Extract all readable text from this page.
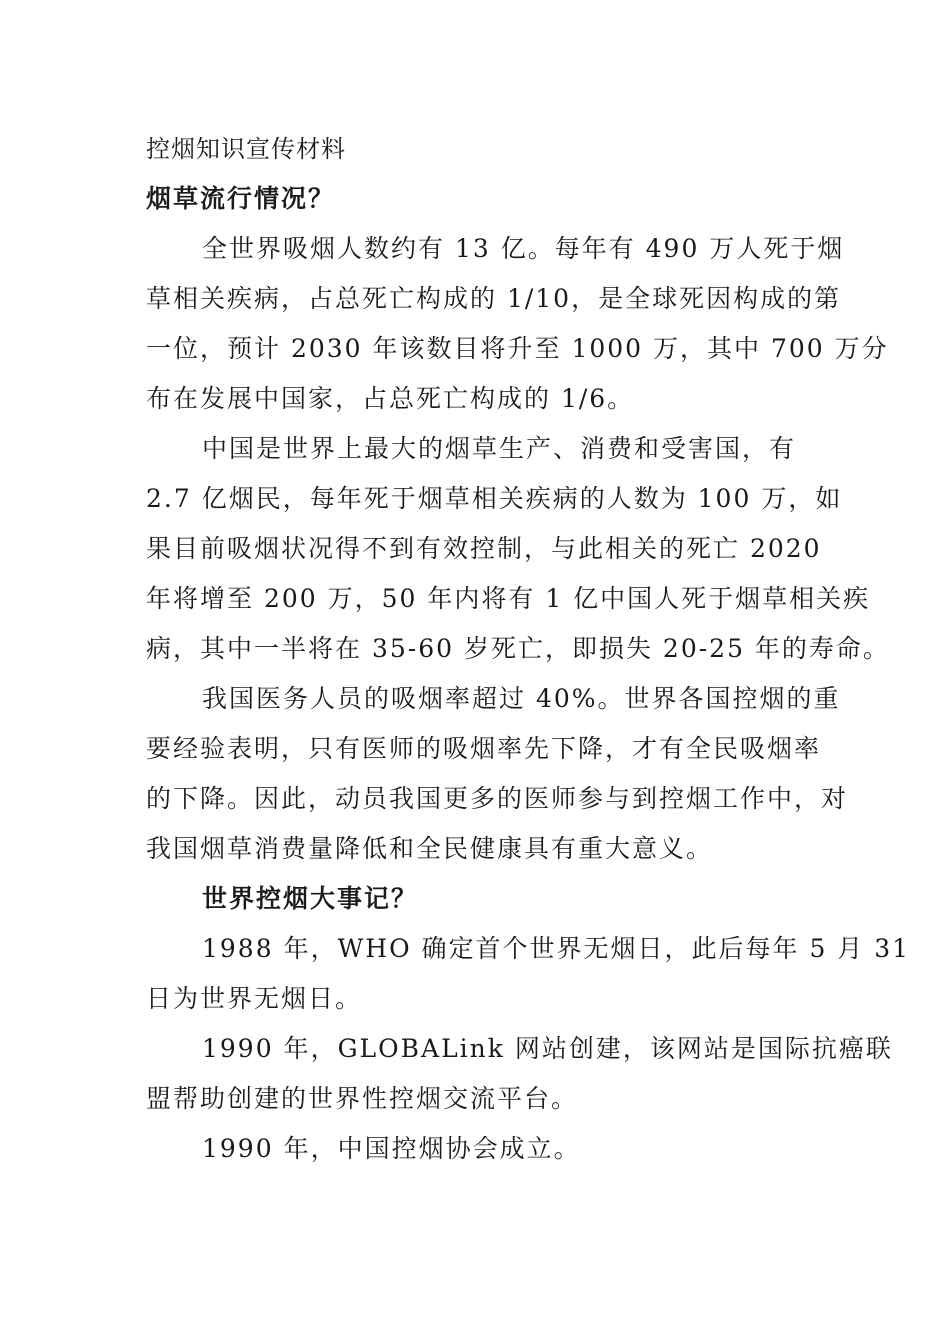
控烟知识宣传材料
烟草流行情况？
全世界吸烟人数约有 13 亿。每年有 490 万人死于烟
草相关疾病，占总死亡构成的 1/10，是全球死因构成的第
一位，预计 2030 年该数目将升至 1000 万，其中 700 万分
布在发展中国家，占总死亡构成的 1/6。
中国是世界上最大的烟草生产、消费和受害国，有
2.7 亿烟民，每年死于烟草相关疾病的人数为 100 万，如
果目前吸烟状况得不到有效控制，与此相关的死亡 2020
年将增至 200 万，50 年内将有 1 亿中国人死于烟草相关疾
病，其中一半将在 35-60 岁死亡，即损失 20-25 年的寿命。
我国医务人员的吸烟率超过 40%。世界各国控烟的重
要经验表明，只有医师的吸烟率先下降，才有全民吸烟率
的下降。因此，动员我国更多的医师参与到控烟工作中，对
我国烟草消费量降低和全民健康具有重大意义。
世界控烟大事记？
1988 年，WHO 确定首个世界无烟日，此后每年 5 月 31
日为世界无烟日。
1990 年，GLOBALink 网站创建，该网站是国际抗癌联
盟帮助创建的世界性控烟交流平台。
1990 年，中国控烟协会成立。
